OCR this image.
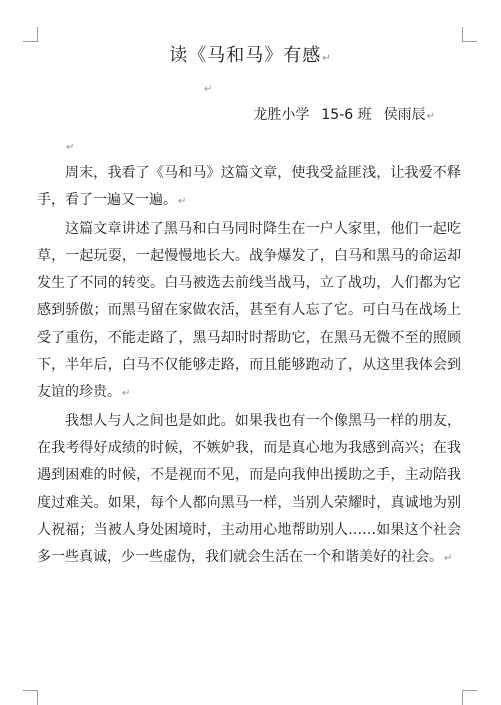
读《马和马》有感↵
↵
龙胜小学 15-6 班 侯雨辰↵
↵

周末，我看了《马和马》这篇文章，使我受益匪浅，让我爱不释手，看了一遍又一遍。↵

这篇文章讲述了黑马和白马同时降生在一户人家里，他们一起吃草，一起玩耍，一起慢慢地长大。战争爆发了，白马和黑马的命运却发生了不同的转变。白马被选去前线当战马，立了战功，人们都为它感到骄傲；而黑马留在家做农活，甚至有人忘了它。可白马在战场上受了重伤，不能走路了，黑马却时时帮助它，在黑马无微不至的照顾下，半年后，白马不仅能够走路，而且能够跑动了，从这里我体会到友谊的珍贵。↵

我想人与人之间也是如此。如果我也有一个像黑马一样的朋友，在我考得好成绩的时候，不嫉妒我，而是真心地为我感到高兴；在我遇到困难的时候，不是视而不见，而是向我伸出援助之手，主动陪我度过难关。如果，每个人都向黑马一样，当别人荣耀时，真诚地为别人祝福；当被人身处困境时，主动用心地帮助别人……如果这个社会多一些真诚，少一些虚伪，我们就会生活在一个和谐美好的社会。↵
